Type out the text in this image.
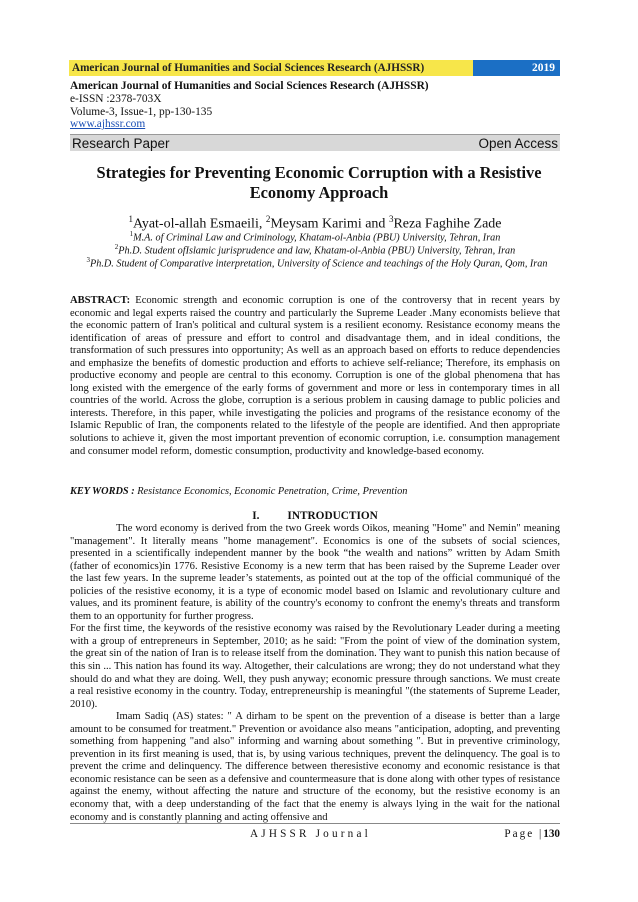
American Journal of Humanities and Social Sciences Research (AJHSSR)	2019
American Journal of Humanities and Social Sciences Research (AJHSSR)
e-ISSN :2378-703X
Volume-3, Issue-1, pp-130-135
www.ajhssr.com
Research Paper	Open Access
Strategies for Preventing Economic Corruption with a Resistive Economy Approach
$^1$Ayat-ol-allah Esmaeili, $^2$Meysam Karimi and $^3$Reza Faghihe Zade
$^1$M.A. of Criminal Law and Criminology, Khatam-ol-Anbia (PBU) University, Tehran, Iran
$^2$Ph.D. Student ofIslamic jurisprudence and law, Khatam-ol-Anbia (PBU) University, Tehran, Iran
$^3$Ph.D. Student of Comparative interpretation, University of Science and teachings of the Holy Quran, Qom, Iran

ABSTRACT: Economic strength and economic corruption is one of the controversy that in recent years by economic and legal experts raised the country and particularly the Supreme Leader .Many economists believe that the economic pattern of Iran's political and cultural system is a resilient economy. Resistance economy means the identification of areas of pressure and effort to control and disadvantage them, and in ideal conditions, the transformation of such pressures into opportunity; As well as an approach based on efforts to reduce dependencies and emphasize the benefits of domestic production and efforts to achieve self-reliance; Therefore, its emphasis on productive economy and people are central to this economy. Corruption is one of the global phenomena that has long existed with the emergence of the early forms of government and more or less in contemporary times in all countries of the world. Across the globe, corruption is a serious problem in causing damage to public policies and interests. Therefore, in this paper, while investigating the policies and programs of the resistance economy of the Islamic Republic of Iran, the components related to the lifestyle of the people are identified. And then appropriate solutions to achieve it, given the most important prevention of economic corruption, i.e. consumption management and consumer model reform, domestic consumption, productivity and knowledge-based economy.

KEY WORDS : Resistance Economics, Economic Penetration, Crime, Prevention
I. INTRODUCTION

The word economy is derived from the two Greek words Oikos, meaning "Home" and Nemin" meaning "management". It literally means "home management". Economics is one of the subsets of social sciences, presented in a scientifically independent manner by the book “the wealth and nations” written by Adam Smith (father of economics)in 1776. Resistive Economy is a new term that has been raised by the Supreme Leader over the last few years. In the supreme leader’s statements, as pointed out at the top of the official communiqué of the policies of the resistive economy, it is a type of economic model based on Islamic and revolutionary culture and values, and its prominent feature, is ability of the country's economy to confront the enemy's threats and transform them to an opportunity for further progress.

For the first time, the keywords of the resistive economy was raised by the Revolutionary Leader during a meeting with a group of entrepreneurs in September, 2010; as he said: "From the point of view of the domination system, the great sin of the nation of Iran is to release itself from the domination. They want to punish this nation because of this sin ... This nation has found its way. Altogether, their calculations are wrong; they do not understand what they should do and what they are doing. Well, they push anyway; economic pressure through sanctions. We must create a real resistive economy in the country. Today, entrepreneurship is meaningful "(the statements of Supreme Leader, 2010).

Imam Sadiq (AS) states: " A dirham to be spent on the prevention of a disease is better than a large amount to be consumed for treatment." Prevention or avoidance also means "anticipation, adopting, and preventing something from happening "and also" informing and warning about something ". But in preventive criminology, prevention in its first meaning is used, that is, by using various techniques, prevent the delinquency. The goal is to prevent the crime and delinquency. The difference between theresistive economy and economic resistance is that economic resistance can be seen as a defensive and countermeasure that is done along with other types of resistance against the enemy, without affecting the nature and structure of the economy, but the resistive economy is an economy that, with a deep understanding of the fact that the enemy is always lying in the wait for the national economy and is constantly planning and acting offensive and

AJHSSR Journal	Page |130
